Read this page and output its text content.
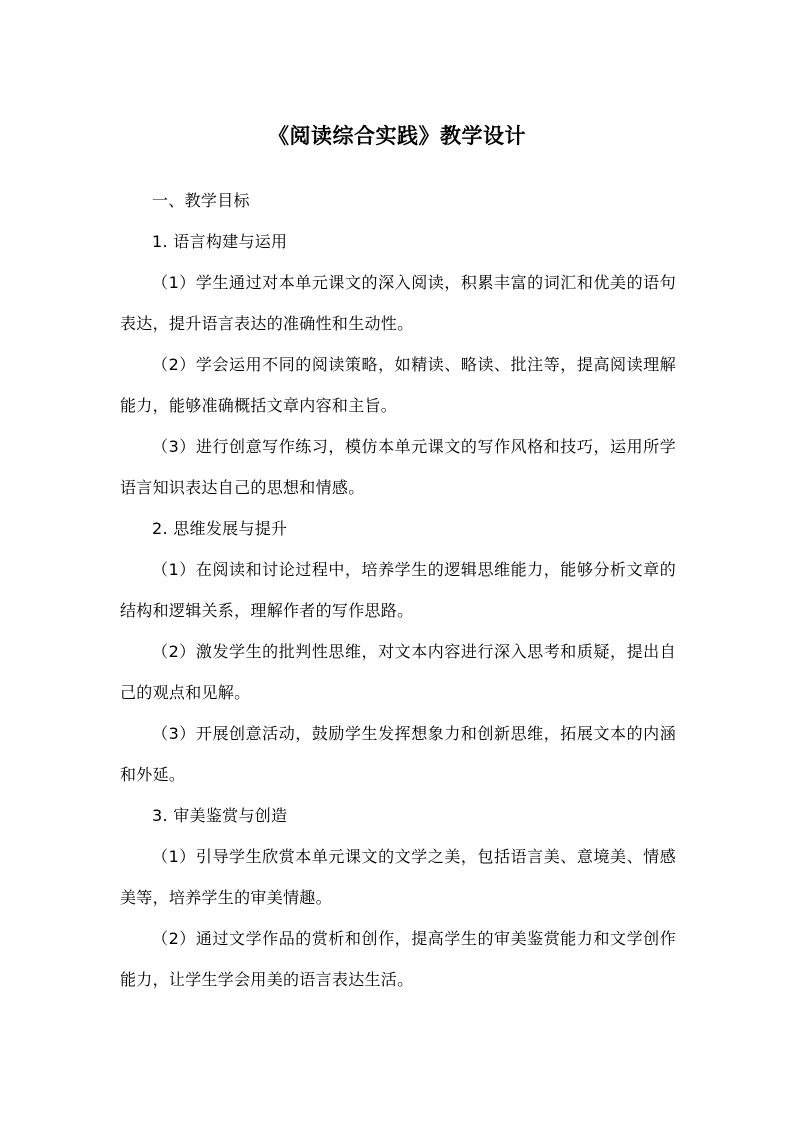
《阅读综合实践》教学设计

一、教学目标

1. 语言构建与运用

（1）学生通过对本单元课文的深入阅读，积累丰富的词汇和优美的语句表达，提升语言表达的准确性和生动性。

（2）学会运用不同的阅读策略，如精读、略读、批注等，提高阅读理解能力，能够准确概括文章内容和主旨。

（3）进行创意写作练习，模仿本单元课文的写作风格和技巧，运用所学语言知识表达自己的思想和情感。

2. 思维发展与提升

（1）在阅读和讨论过程中，培养学生的逻辑思维能力，能够分析文章的结构和逻辑关系，理解作者的写作思路。

（2）激发学生的批判性思维，对文本内容进行深入思考和质疑，提出自己的观点和见解。

（3）开展创意活动，鼓励学生发挥想象力和创新思维，拓展文本的内涵和外延。

3. 审美鉴赏与创造

（1）引导学生欣赏本单元课文的文学之美，包括语言美、意境美、情感美等，培养学生的审美情趣。

（2）通过文学作品的赏析和创作，提高学生的审美鉴赏能力和文学创作能力，让学生学会用美的语言表达生活。
